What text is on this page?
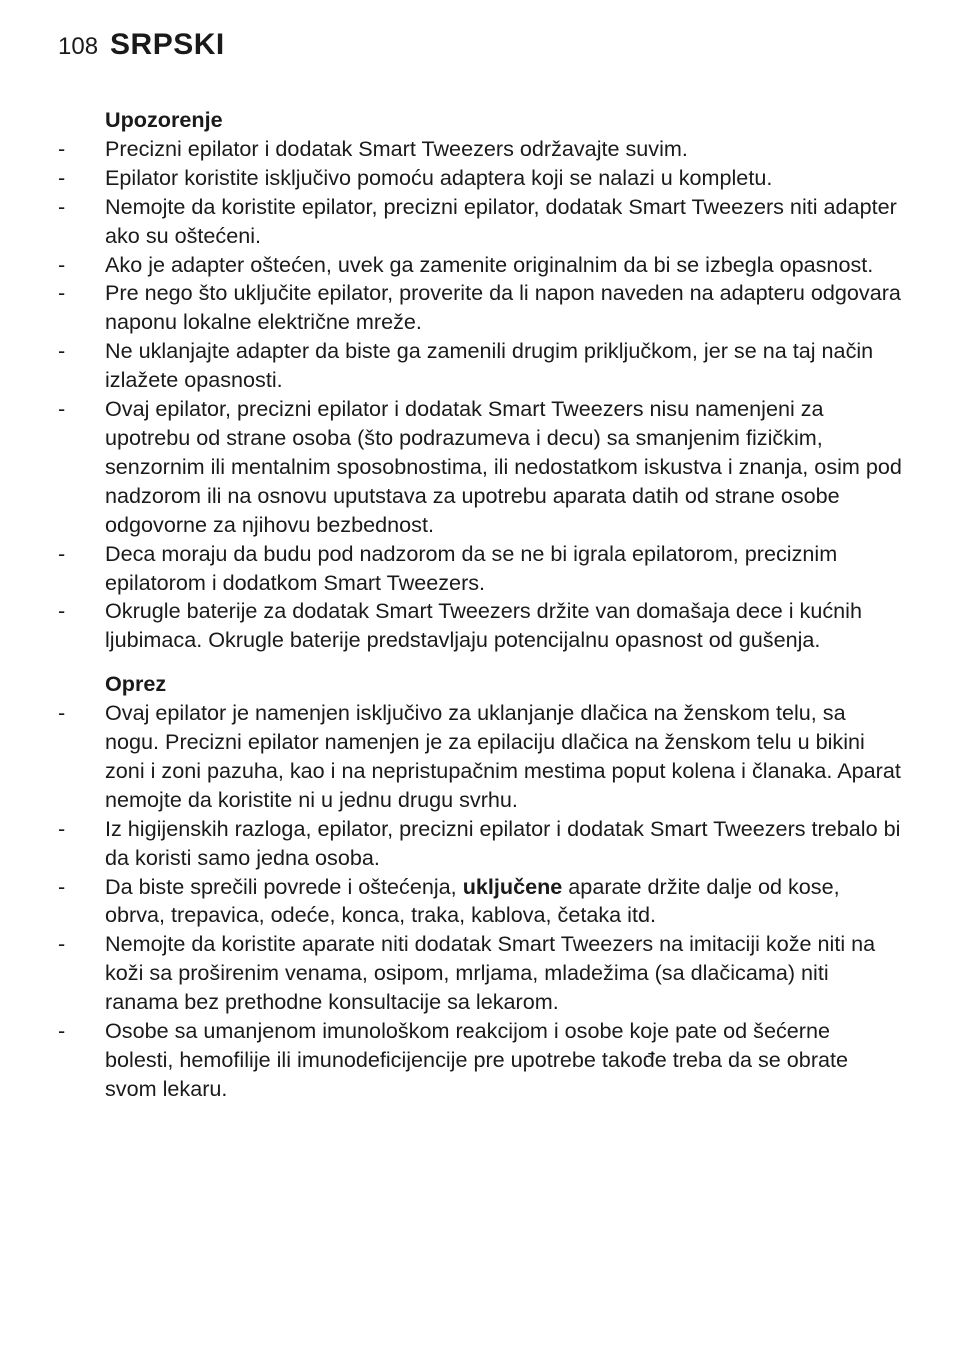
108 SRPSKI
Upozorenje
- Precizni epilator i dodatak Smart Tweezers održavajte suvim.
- Epilator koristite isključivo pomoću adaptera koji se nalazi u kompletu.
- Nemojte da koristite epilator, precizni epilator, dodatak Smart Tweezers niti adapter ako su oštećeni.
- Ako je adapter oštećen, uvek ga zamenite originalnim da bi se izbegla opasnost.
- Pre nego što uključite epilator, proverite da li napon naveden na adapteru odgovara naponu lokalne električne mreže.
- Ne uklanjajte adapter da biste ga zamenili drugim priključkom, jer se na taj način izlažete opasnosti.
- Ovaj epilator, precizni epilator i dodatak Smart Tweezers nisu namenjeni za upotrebu od strane osoba (što podrazumeva i decu) sa smanjenim fizičkim, senzornim ili mentalnim sposobnostima, ili nedostatkom iskustva i znanja, osim pod nadzorom ili na osnovu uputstava za upotrebu aparata datih od strane osobe odgovorne za njihovu bezbednost.
- Deca moraju da budu pod nadzorom da se ne bi igrala epilatorom, preciznim epilatorom i dodatkom Smart Tweezers.
- Okrugle baterije za dodatak Smart Tweezers držite van domašaja dece i kućnih ljubimaca. Okrugle baterije predstavljaju potencijalnu opasnost od gušenja.
Oprez
- Ovaj epilator je namenjen isključivo za uklanjanje dlačica na ženskom telu, sa nogu. Precizni epilator namenjen je za epilaciju dlačica na ženskom telu u bikini zoni i zoni pazuha, kao i na nepristupačnim mestima poput kolena i članaka. Aparat nemojte da koristite ni u jednu drugu svrhu.
- Iz higijenskih razloga, epilator, precizni epilator i dodatak Smart Tweezers trebalo bi da koristi samo jedna osoba.
- Da biste sprečili povrede i oštećenja, uključene aparate držite dalje od kose, obrva, trepavica, odeće, konca, traka, kablova, četaka itd.
- Nemojte da koristite aparate niti dodatak Smart Tweezers na imitaciji kože niti na koži sa proširenim venama, osipom, mrljama, mladežima (sa dlačicama) niti ranama bez prethodne konsultacije sa lekarom.
- Osobe sa umanjenom imunološkom reakcijom i osobe koje pate od šećerne bolesti, hemofilije ili imunodeficijencije pre upotrebe takođe treba da se obrate svom lekaru.
